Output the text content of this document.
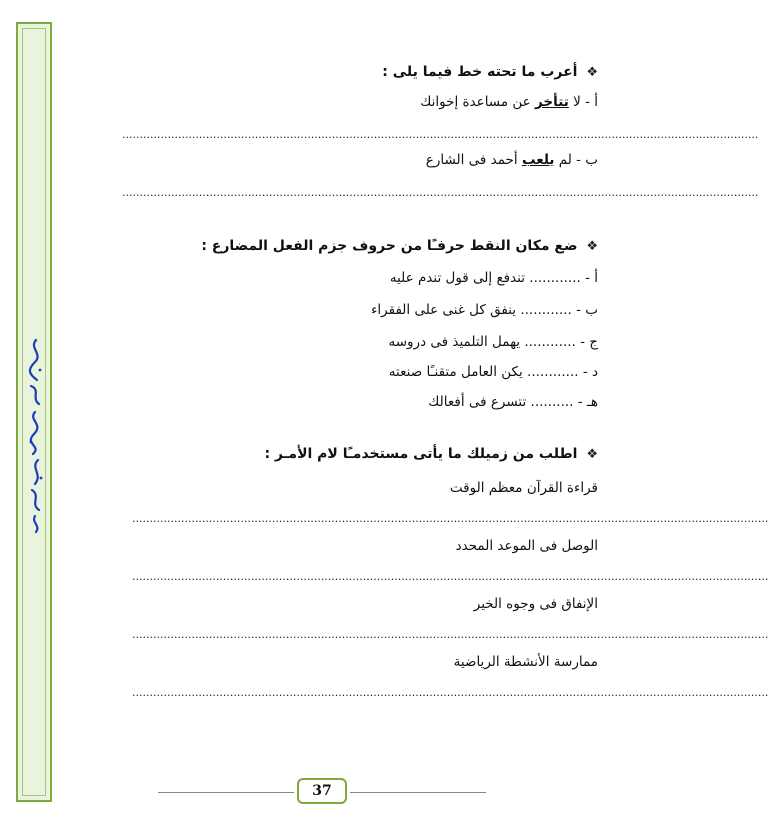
❖ أعرب ما تحته خط فيما يلى :
أ - لا تتأخر عن مساعدة إخوانك
......................................................................................................................................................................................
ب - لم يلعب أحمد فى الشارع
......................................................................................................................................................................................
❖ ضع مكان النقط حرفـًا من حروف جزم الفعل المضارع :
أ - ............ تندفع إلى قول تندم عليه
ب - ............ ينفق كل غنى على الفقراء
ج - ............ يهمل التلميذ فى دروسه
د - ............ يكن العامل متقنـًا صنعته
هـ - .......... تتسرع فى أفعالك
❖ اطلب من زميلك ما يأتى مستخدمـًا لام الأمـر :
قراءة القرآن معظم الوقت
......................................................................................................................................................................................
الوصل فى الموعد المحدد
......................................................................................................................................................................................
الإنفاق فى وجوه الخير
......................................................................................................................................................................................
ممارسة الأنشطة الرياضية
......................................................................................................................................................................................
37
